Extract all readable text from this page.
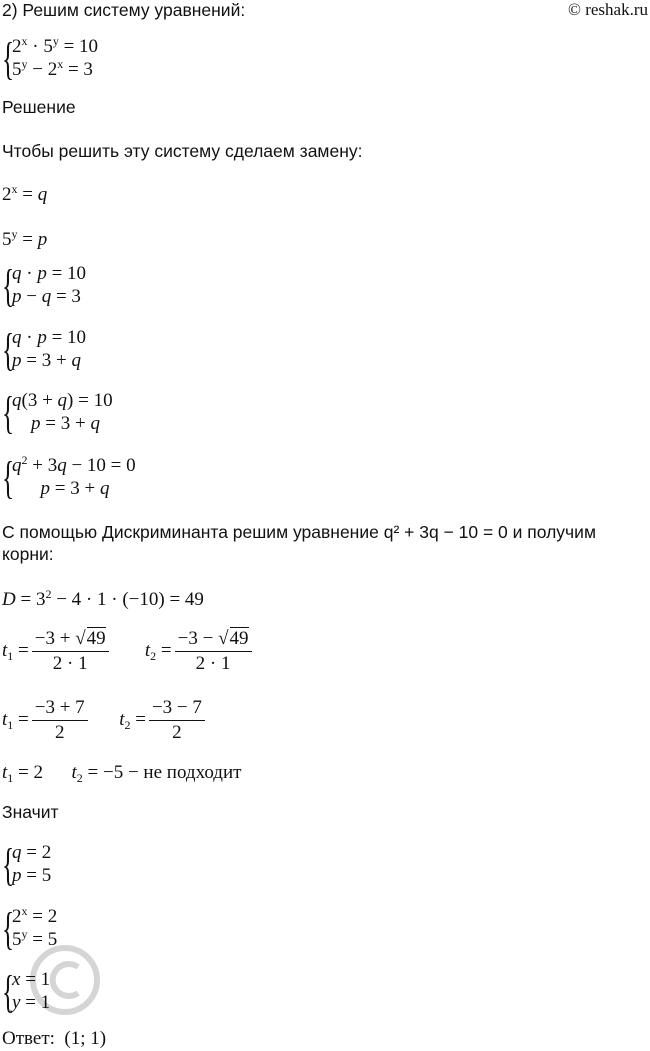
2) Решим систему уравнений:	© reshak.ru
{
$2^x \cdot 5^y = 10$
$5^y - 2^x = 3$
Решение
Чтобы решить эту систему сделаем замену:
$2^x = q$
$5^y = p$
{
q · p = 10
p − q = 3
{
q · p = 10
p = 3 + q
{
q(3 + q) = 10
p = 3 + q
{
$q^2 + 3q - 10 = 0$
p = 3 + q
С помощью Дискриминанта решим уравнение q² + 3q − 10 = 0 и получим
корни:
$D = 3^2 - 4 \cdot 1 \cdot (-10) = 49$
$t_1 = \frac{-3 + √49}{2 \cdot 1} t_2 = \frac{-3 - √49}{2 \cdot 1}$
$t_1 = \frac{-3 + 7}{2} t_2 = \frac{-3 - 7}{2}$
$t_1 = 2$      $t_2 = -5$ − не подходит
Значит
{
q = 2
p = 5
{
$2^x = 2$
$5^y = 5$
{
x = 1
y = 1
Ответ:  (1; 1)
